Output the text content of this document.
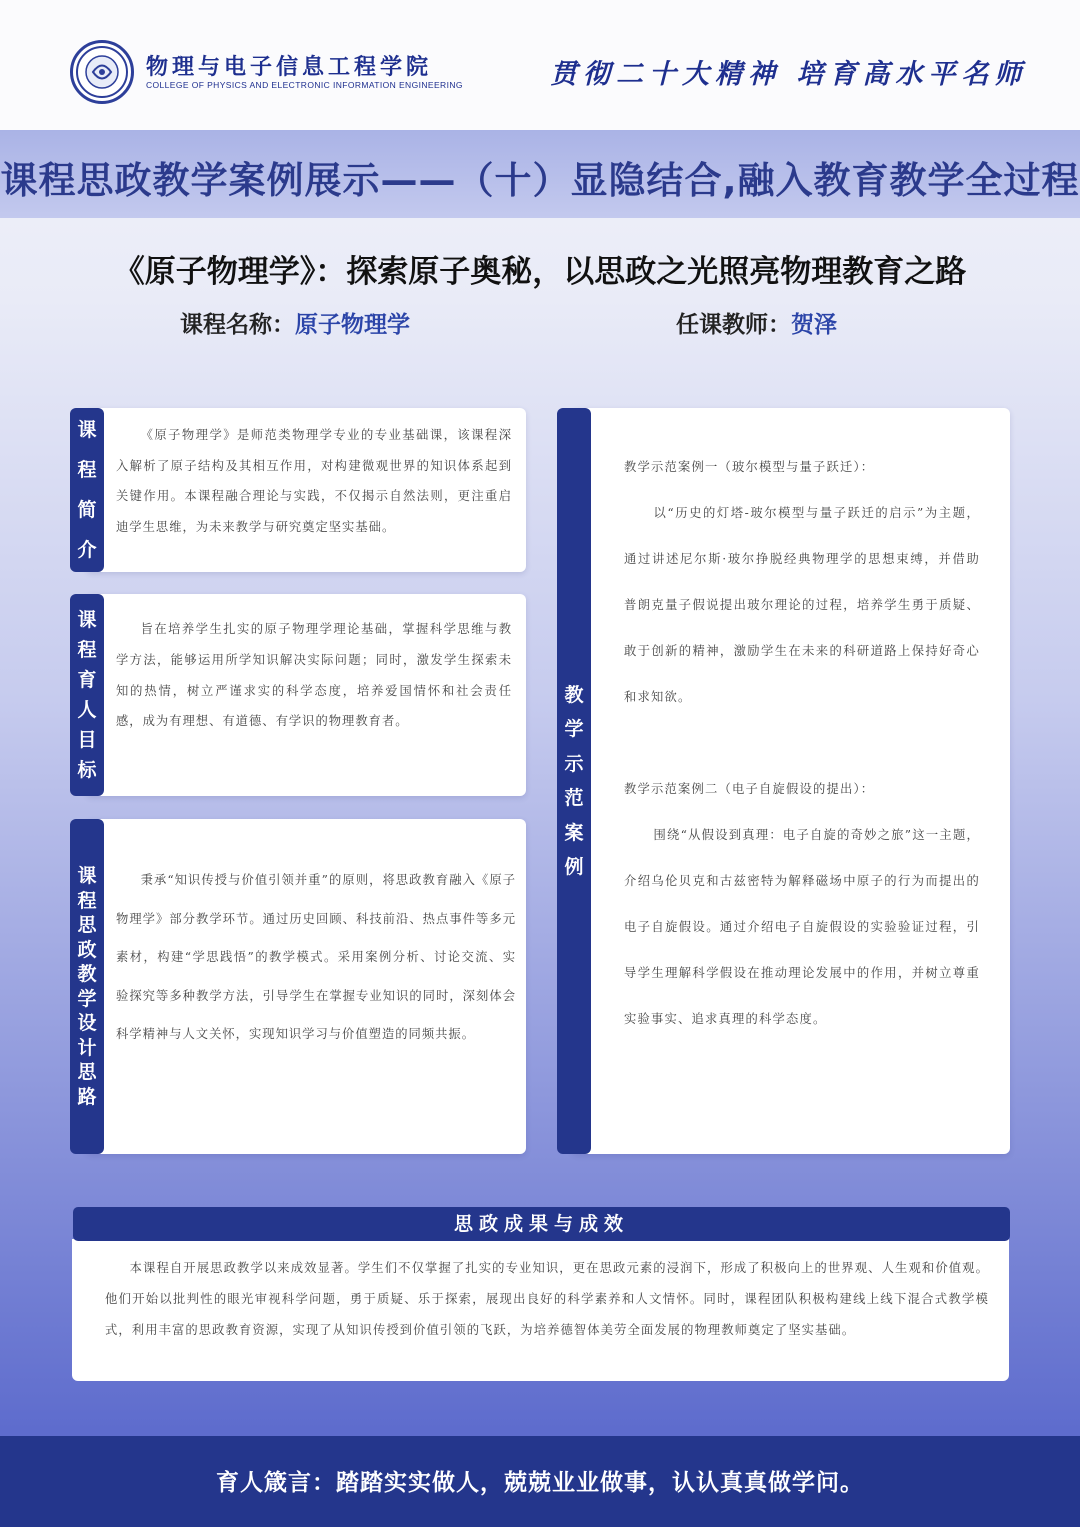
物理与电子信息工程学院
COLLEGE OF PHYSICS AND ELECTRONIC INFORMATION ENGINEERING	贯彻二十大精神 培育高水平名师
课程思政教学案例展示——（十）显隐结合,融入教育教学全过程
《原子物理学》：探索原子奥秘，以思政之光照亮物理教育之路
课程名称：原子物理学	任课教师：贺泽
《原子物理学》是师范类物理学专业的专业基础课，该课程深入解析了原子结构及其相互作用，对构建微观世界的知识体系起到关键作用。本课程融合理论与实践，不仅揭示自然法则，更注重启迪学生思维，为未来教学与研究奠定坚实基础。
课程简介
旨在培养学生扎实的原子物理学理论基础，掌握科学思维与教学方法，能够运用所学知识解决实际问题；同时，激发学生探索未知的热情，树立严谨求实的科学态度，培养爱国情怀和社会责任感，成为有理想、有道德、有学识的物理教育者。
课程育人目标
秉承“知识传授与价值引领并重”的原则，将思政教育融入《原子物理学》部分教学环节。通过历史回顾、科技前沿、热点事件等多元素材，构建“学思践悟”的教学模式。采用案例分析、讨论交流、实验探究等多种教学方法，引导学生在掌握专业知识的同时，深刻体会科学精神与人文关怀，实现知识学习与价值塑造的同频共振。
课程思政教学设计思路

教学示范案例一（玻尔模型与量子跃迁）：

以“历史的灯塔-玻尔模型与量子跃迁的启示”为主题，通过讲述尼尔斯·玻尔挣脱经典物理学的思想束缚，并借助普朗克量子假说提出玻尔理论的过程，培养学生勇于质疑、敢于创新的精神，激励学生在未来的科研道路上保持好奇心和求知欲。

教学示范案例二（电子自旋假设的提出）：

围绕“从假设到真理：电子自旋的奇妙之旅”这一主题，介绍乌伦贝克和古兹密特为解释磁场中原子的行为而提出的电子自旋假设。通过介绍电子自旋假设的实验验证过程，引导学生理解科学假设在推动理论发展中的作用，并树立尊重实验事实、追求真理的科学态度。

教学示范案例
本课程自开展思政教学以来成效显著。学生们不仅掌握了扎实的专业知识，更在思政元素的浸润下，形成了积极向上的世界观、人生观和价值观。他们开始以批判性的眼光审视科学问题，勇于质疑、乐于探索，展现出良好的科学素养和人文情怀。同时，课程团队积极构建线上线下混合式教学模式，利用丰富的思政教育资源，实现了从知识传授到价值引领的飞跃，为培养德智体美劳全面发展的物理教师奠定了坚实基础。
思政成果与成效

育人箴言：踏踏实实做人，兢兢业业做事，认认真真做学问。
